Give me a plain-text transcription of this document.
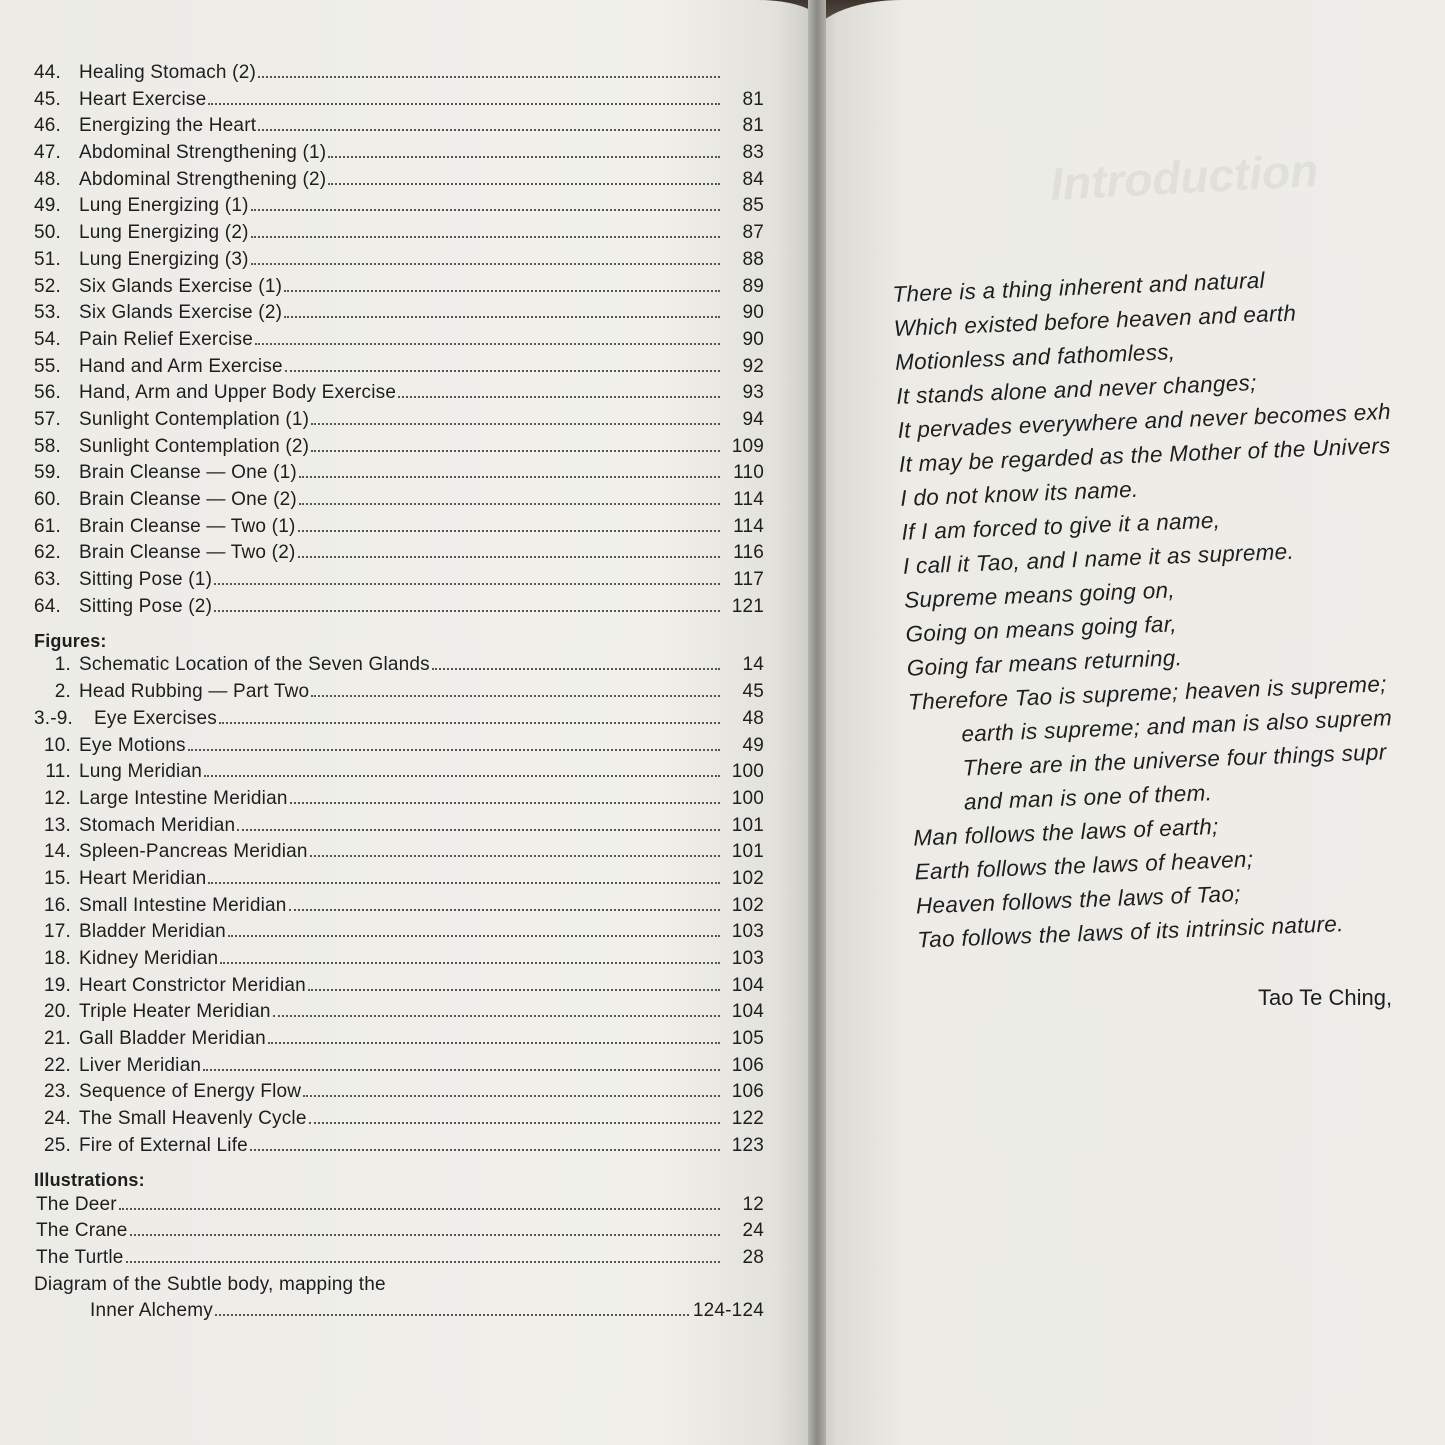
44. Healing Stomach (2)
45. Heart Exercise	81
46. Energizing the Heart	81
47. Abdominal Strengthening (1)	83
48. Abdominal Strengthening (2)	84
49. Lung Energizing (1)	85
50. Lung Energizing (2)	87
51. Lung Energizing (3)	88
52. Six Glands Exercise (1)	89
53. Six Glands Exercise (2)	90
54. Pain Relief Exercise	90
55. Hand and Arm Exercise	92
56. Hand, Arm and Upper Body Exercise	93
57. Sunlight Contemplation (1)	94
58. Sunlight Contemplation (2)	109
59. Brain Cleanse — One (1)	110
60. Brain Cleanse — One (2)	114
61. Brain Cleanse — Two (1)	114
62. Brain Cleanse — Two (2)	116
63. Sitting Pose (1)	117
64. Sitting Pose (2)	121
Figures:
1. Schematic Location of the Seven Glands	14
2. Head Rubbing — Part Two	45
3.-9.	Eye Exercises	48
10. Eye Motions	49
11. Lung Meridian	100
12. Large Intestine Meridian	100
13. Stomach Meridian	101
14. Spleen-Pancreas Meridian	101
15. Heart Meridian	102
16. Small Intestine Meridian	102
17. Bladder Meridian	103
18. Kidney Meridian	103
19. Heart Constrictor Meridian	104
20. Triple Heater Meridian	104
21. Gall Bladder Meridian	105
22. Liver Meridian	106
23. Sequence of Energy Flow	106
24. The Small Heavenly Cycle	122
25. Fire of External Life	123
Illustrations:
The Deer	12
The Crane	24
The Turtle	28
Diagram of the Subtle body, mapping the
Inner Alchemy	124-124
Introduction
There is a thing inherent and natural
Which existed before heaven and earth
Motionless and fathomless,
It stands alone and never changes;
It pervades everywhere and never becomes exh
It may be regarded as the Mother of the Univers
I do not know its name.
If I am forced to give it a name,
I call it Tao, and I name it as supreme.
Supreme means going on,
Going on means going far,
Going far means returning.
Therefore Tao is supreme; heaven is supreme;
earth is supreme; and man is also suprem
There are in the universe four things supr
and man is one of them.
Man follows the laws of earth;
Earth follows the laws of heaven;
Heaven follows the laws of Tao;
Tao follows the laws of its intrinsic nature.
Tao Te Ching,
